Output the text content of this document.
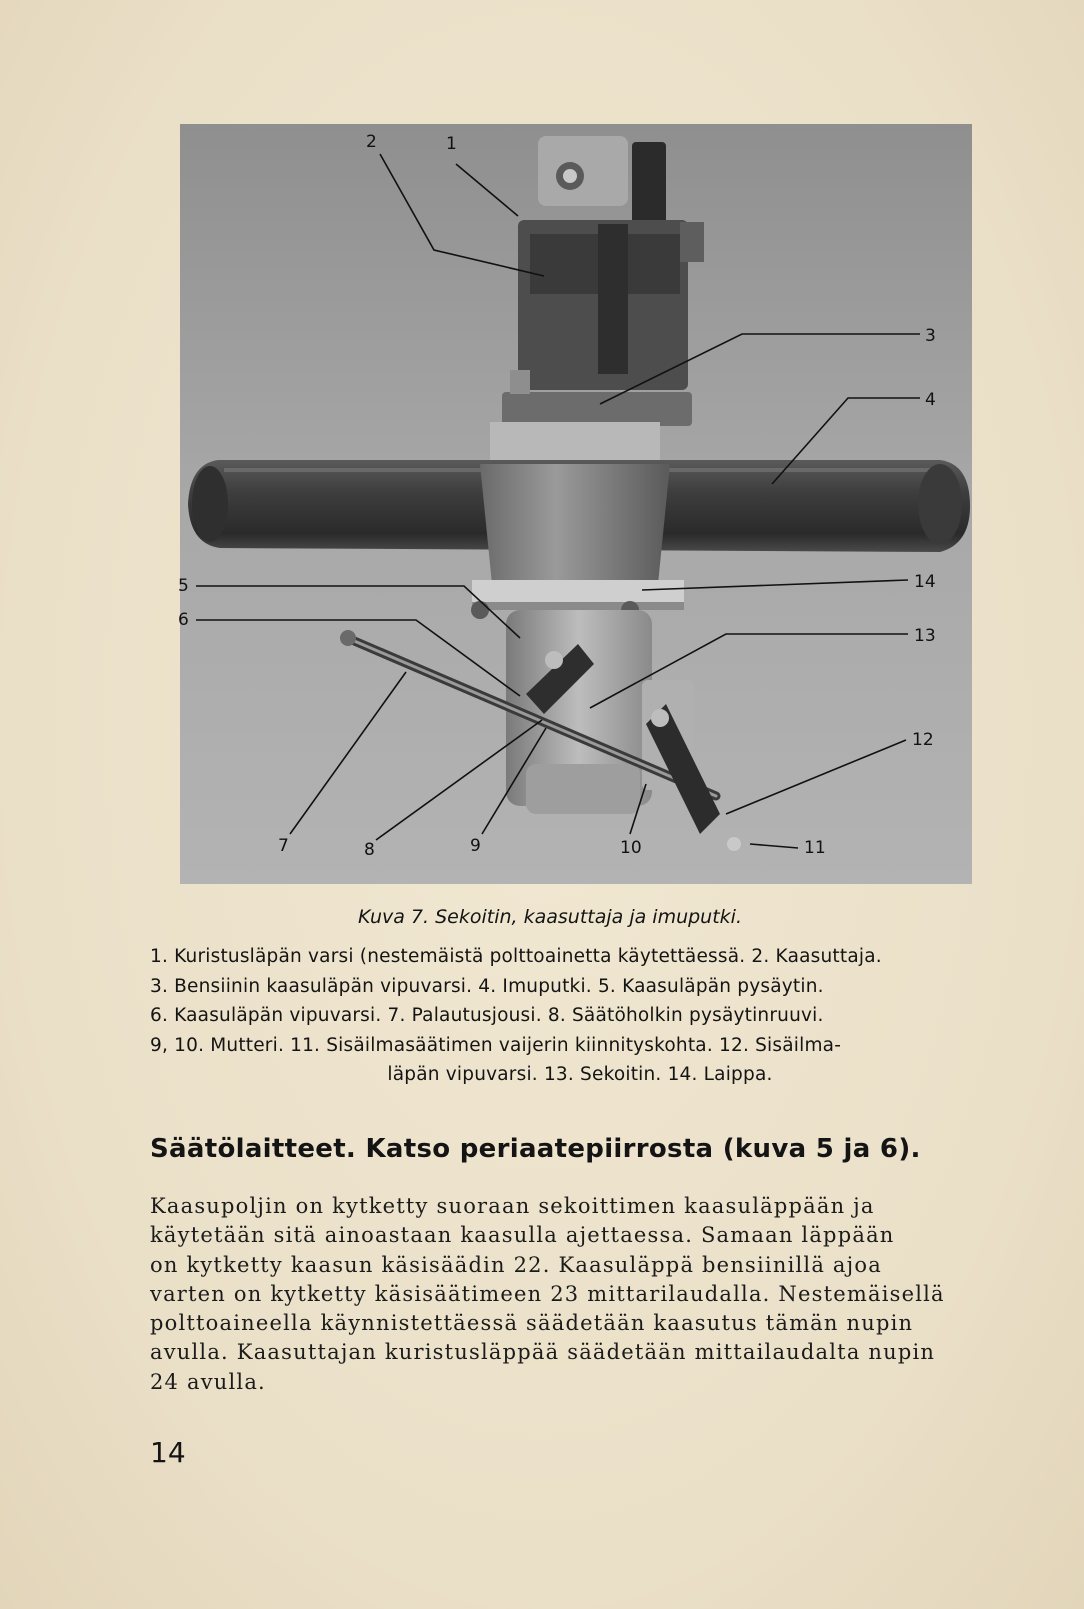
2	1
3
4
5
6
14
13
12
7	8	9	10	11
Kuva 7. Sekoitin, kaasuttaja ja imuputki.
1. Kuristusläpän varsi (nestemäistä polttoainetta käytettäessä. 2. Kaasuttaja.
3. Bensiinin kaasuläpän vipuvarsi. 4. Imuputki. 5. Kaasuläpän pysäytin.
6. Kaasuläpän vipuvarsi. 7. Palautusjousi. 8. Säätöholkin pysäytinruuvi.
9, 10. Mutteri. 11. Sisäilmasäätimen vaijerin kiinnityskohta. 12. Sisäilma-
läpän vipuvarsi. 13. Sekoitin. 14. Laippa.
Säätölaitteet. Katso periaatepiirrosta (kuva 5 ja 6).
Kaasupoljin on kytketty suoraan sekoittimen kaasuläppään ja
käytetään sitä ainoastaan kaasulla ajettaessa. Samaan läppään
on kytketty kaasun käsisäädin 22. Kaasuläppä bensiinillä ajoa
varten on kytketty käsisäätimeen 23 mittarilaudalla. Nestemäisellä
polttoaineella käynnistettäessä säädetään kaasutus tämän nupin
avulla. Kaasuttajan kuristusläppää säädetään mittailaudalta nupin
24 avulla.
14
